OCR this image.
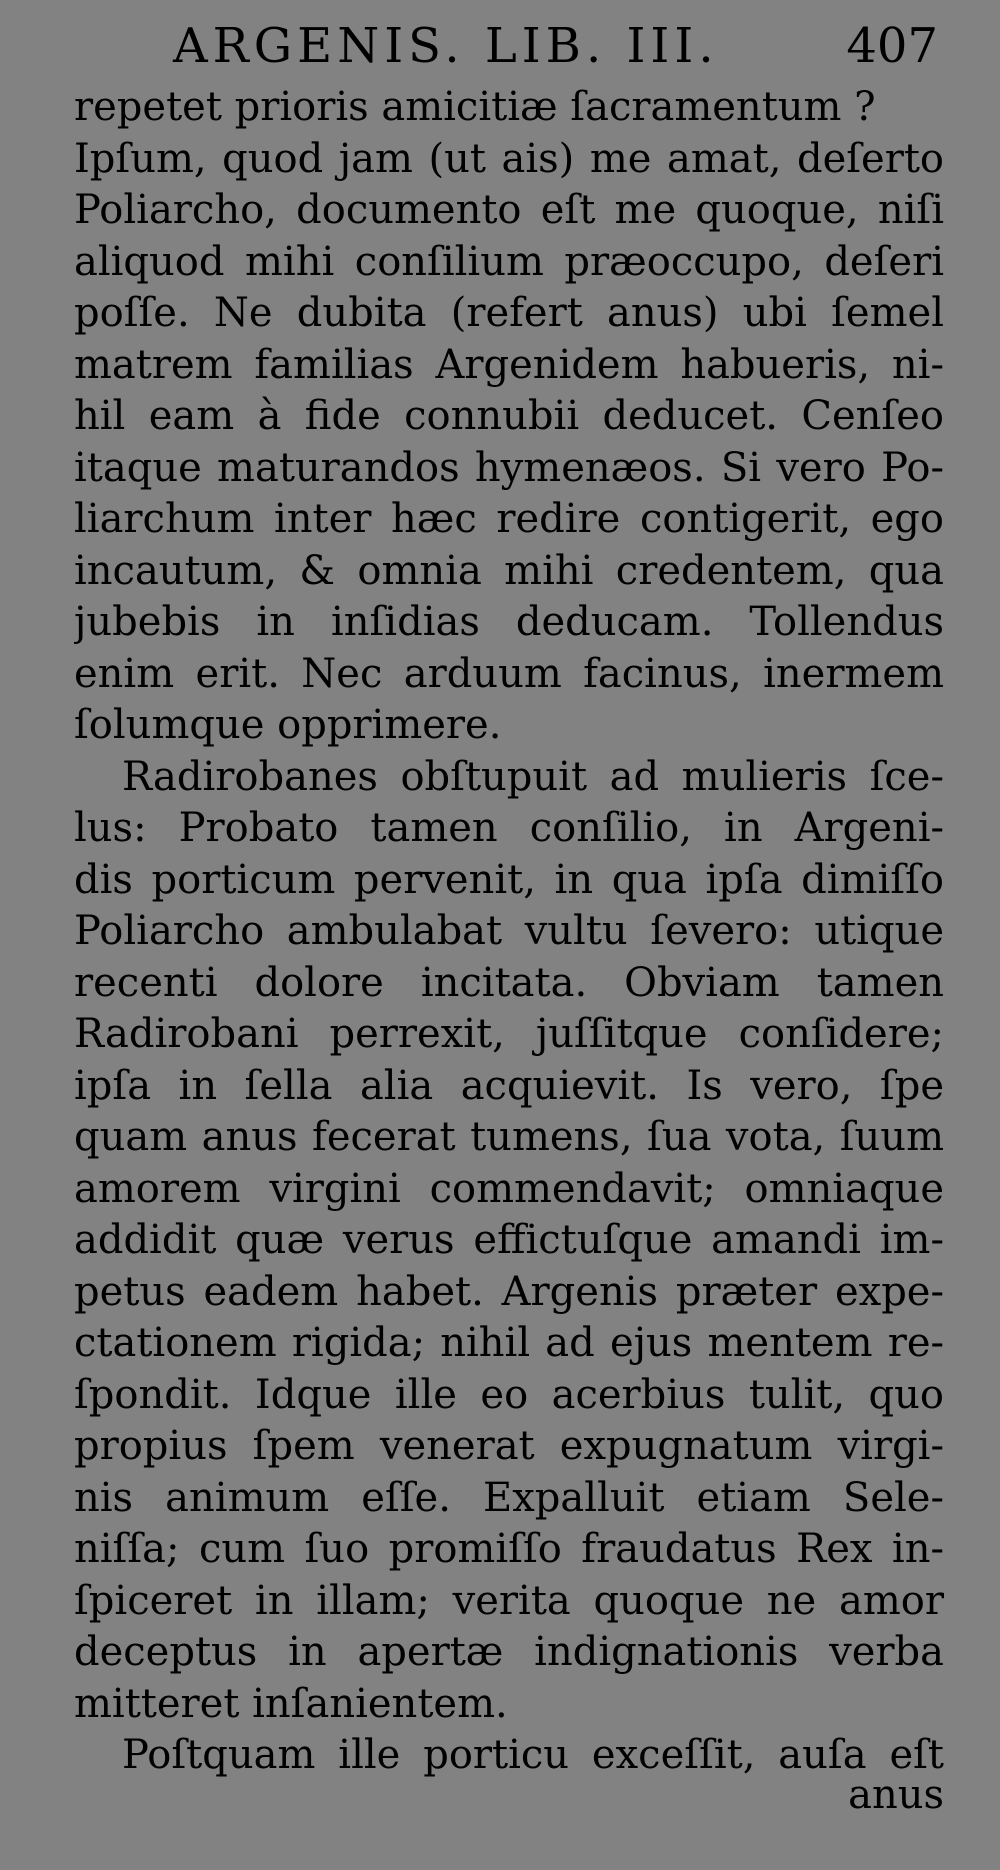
ARGENIS. LIB. III.	407
repetet prioris amicitiæ ſacramentum ?
Ipſum, quod jam (ut ais) me amat, deſerto
Poliarcho, documento eſt me quoque, niſi
aliquod mihi conſilium præoccupo, deſeri
poſſe. Ne dubita (refert anus) ubi ſemel
matrem familias Argenidem habueris, ni-
hil eam à fide connubii deducet. Cenſeo
itaque maturandos hymenæos. Si vero Po-
liarchum inter hæc redire contigerit, ego
incautum, & omnia mihi credentem, qua
jubebis in inſidias deducam. Tollendus
enim erit. Nec arduum facinus, inermem
ſolumque opprimere.
Radirobanes obſtupuit ad mulieris ſce-
lus: Probato tamen conſilio, in Argeni-
dis porticum pervenit, in qua ipſa dimiſſo
Poliarcho ambulabat vultu ſevero: utique
recenti dolore incitata. Obviam tamen
Radirobani perrexit, juſſitque conſidere;
ipſa in ſella alia acquievit. Is vero, ſpe
quam anus fecerat tumens, ſua vota, ſuum
amorem virgini commendavit; omniaque
addidit quæ verus effictuſque amandi im-
petus eadem habet. Argenis præter expe-
ctationem rigida; nihil ad ejus mentem re-
ſpondit. Idque ille eo acerbius tulit, quo
propius ſpem venerat expugnatum virgi-
nis animum eſſe. Expalluit etiam Sele-
niſſa; cum ſuo promiſſo fraudatus Rex in-
ſpiceret in illam; verita quoque ne amor
deceptus in apertæ indignationis verba
mitteret inſanientem.
Poſtquam ille porticu exceſſit, auſa eſt
anus
